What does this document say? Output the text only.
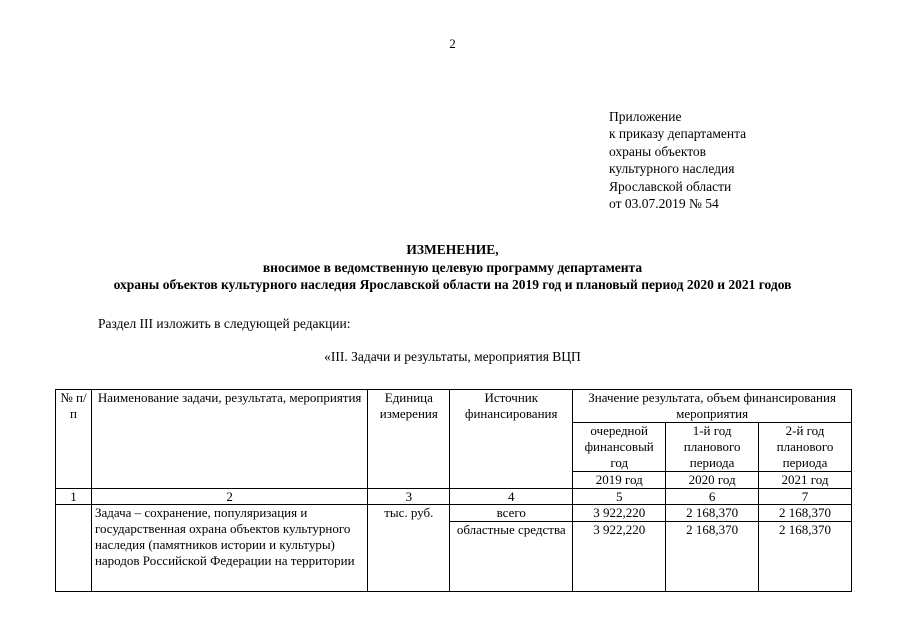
2
Приложение
к приказу департамента
охраны объектов
культурного наследия
Ярославской области
от 03.07.2019 № 54
ИЗМЕНЕНИЕ,
вносимое в ведомственную целевую программу департамента
охраны объектов культурного наследия Ярославской области на 2019 год и плановый период 2020 и 2021 годов
Раздел III изложить в следующей редакции:
«III. Задачи и результаты, мероприятия ВЦП
№ п/п	Наименование задачи, результата, мероприятия	Единица измерения	Источник финансирования	Значение результата, объем финансирования мероприятия		
				очередной финансовый год	1-й год планового периода	2-й год планового периода
				2019 год	2020 год	2021 год
1	2	3	4	5	6	7
	Задача – сохранение, популяризация и государственная охрана объектов культурного наследия (памятников истории и культуры) народов Российской Федерации на территории	тыс. руб.	всего	3 922,220	2 168,370	2 168,370
			областные средства	3 922,220	2 168,370	2 168,370
